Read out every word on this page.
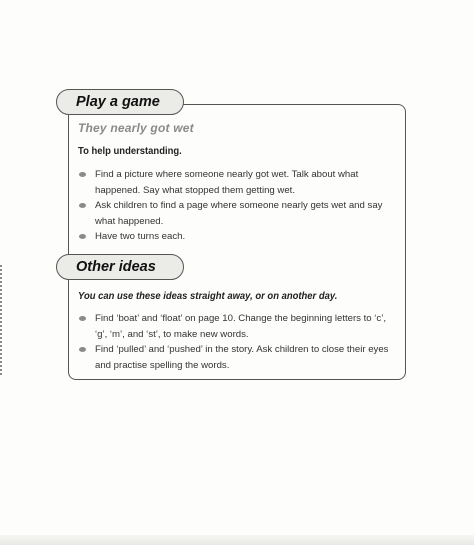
Play a game
They nearly got wet
To help understanding.
Find a picture where someone nearly got wet. Talk about what happened. Say what stopped them getting wet.
Ask children to find a page where someone nearly gets wet and say what happened.
Have two turns each.
Other ideas
You can use these ideas straight away, or on another day.
Find ‘boat’ and ‘float’ on page 10. Change the beginning letters to ‘c’, ‘g’, ‘m’, and ‘st’, to make new words.
Find ‘pulled’ and ‘pushed’ in the story. Ask children to close their eyes and practise spelling the words.
